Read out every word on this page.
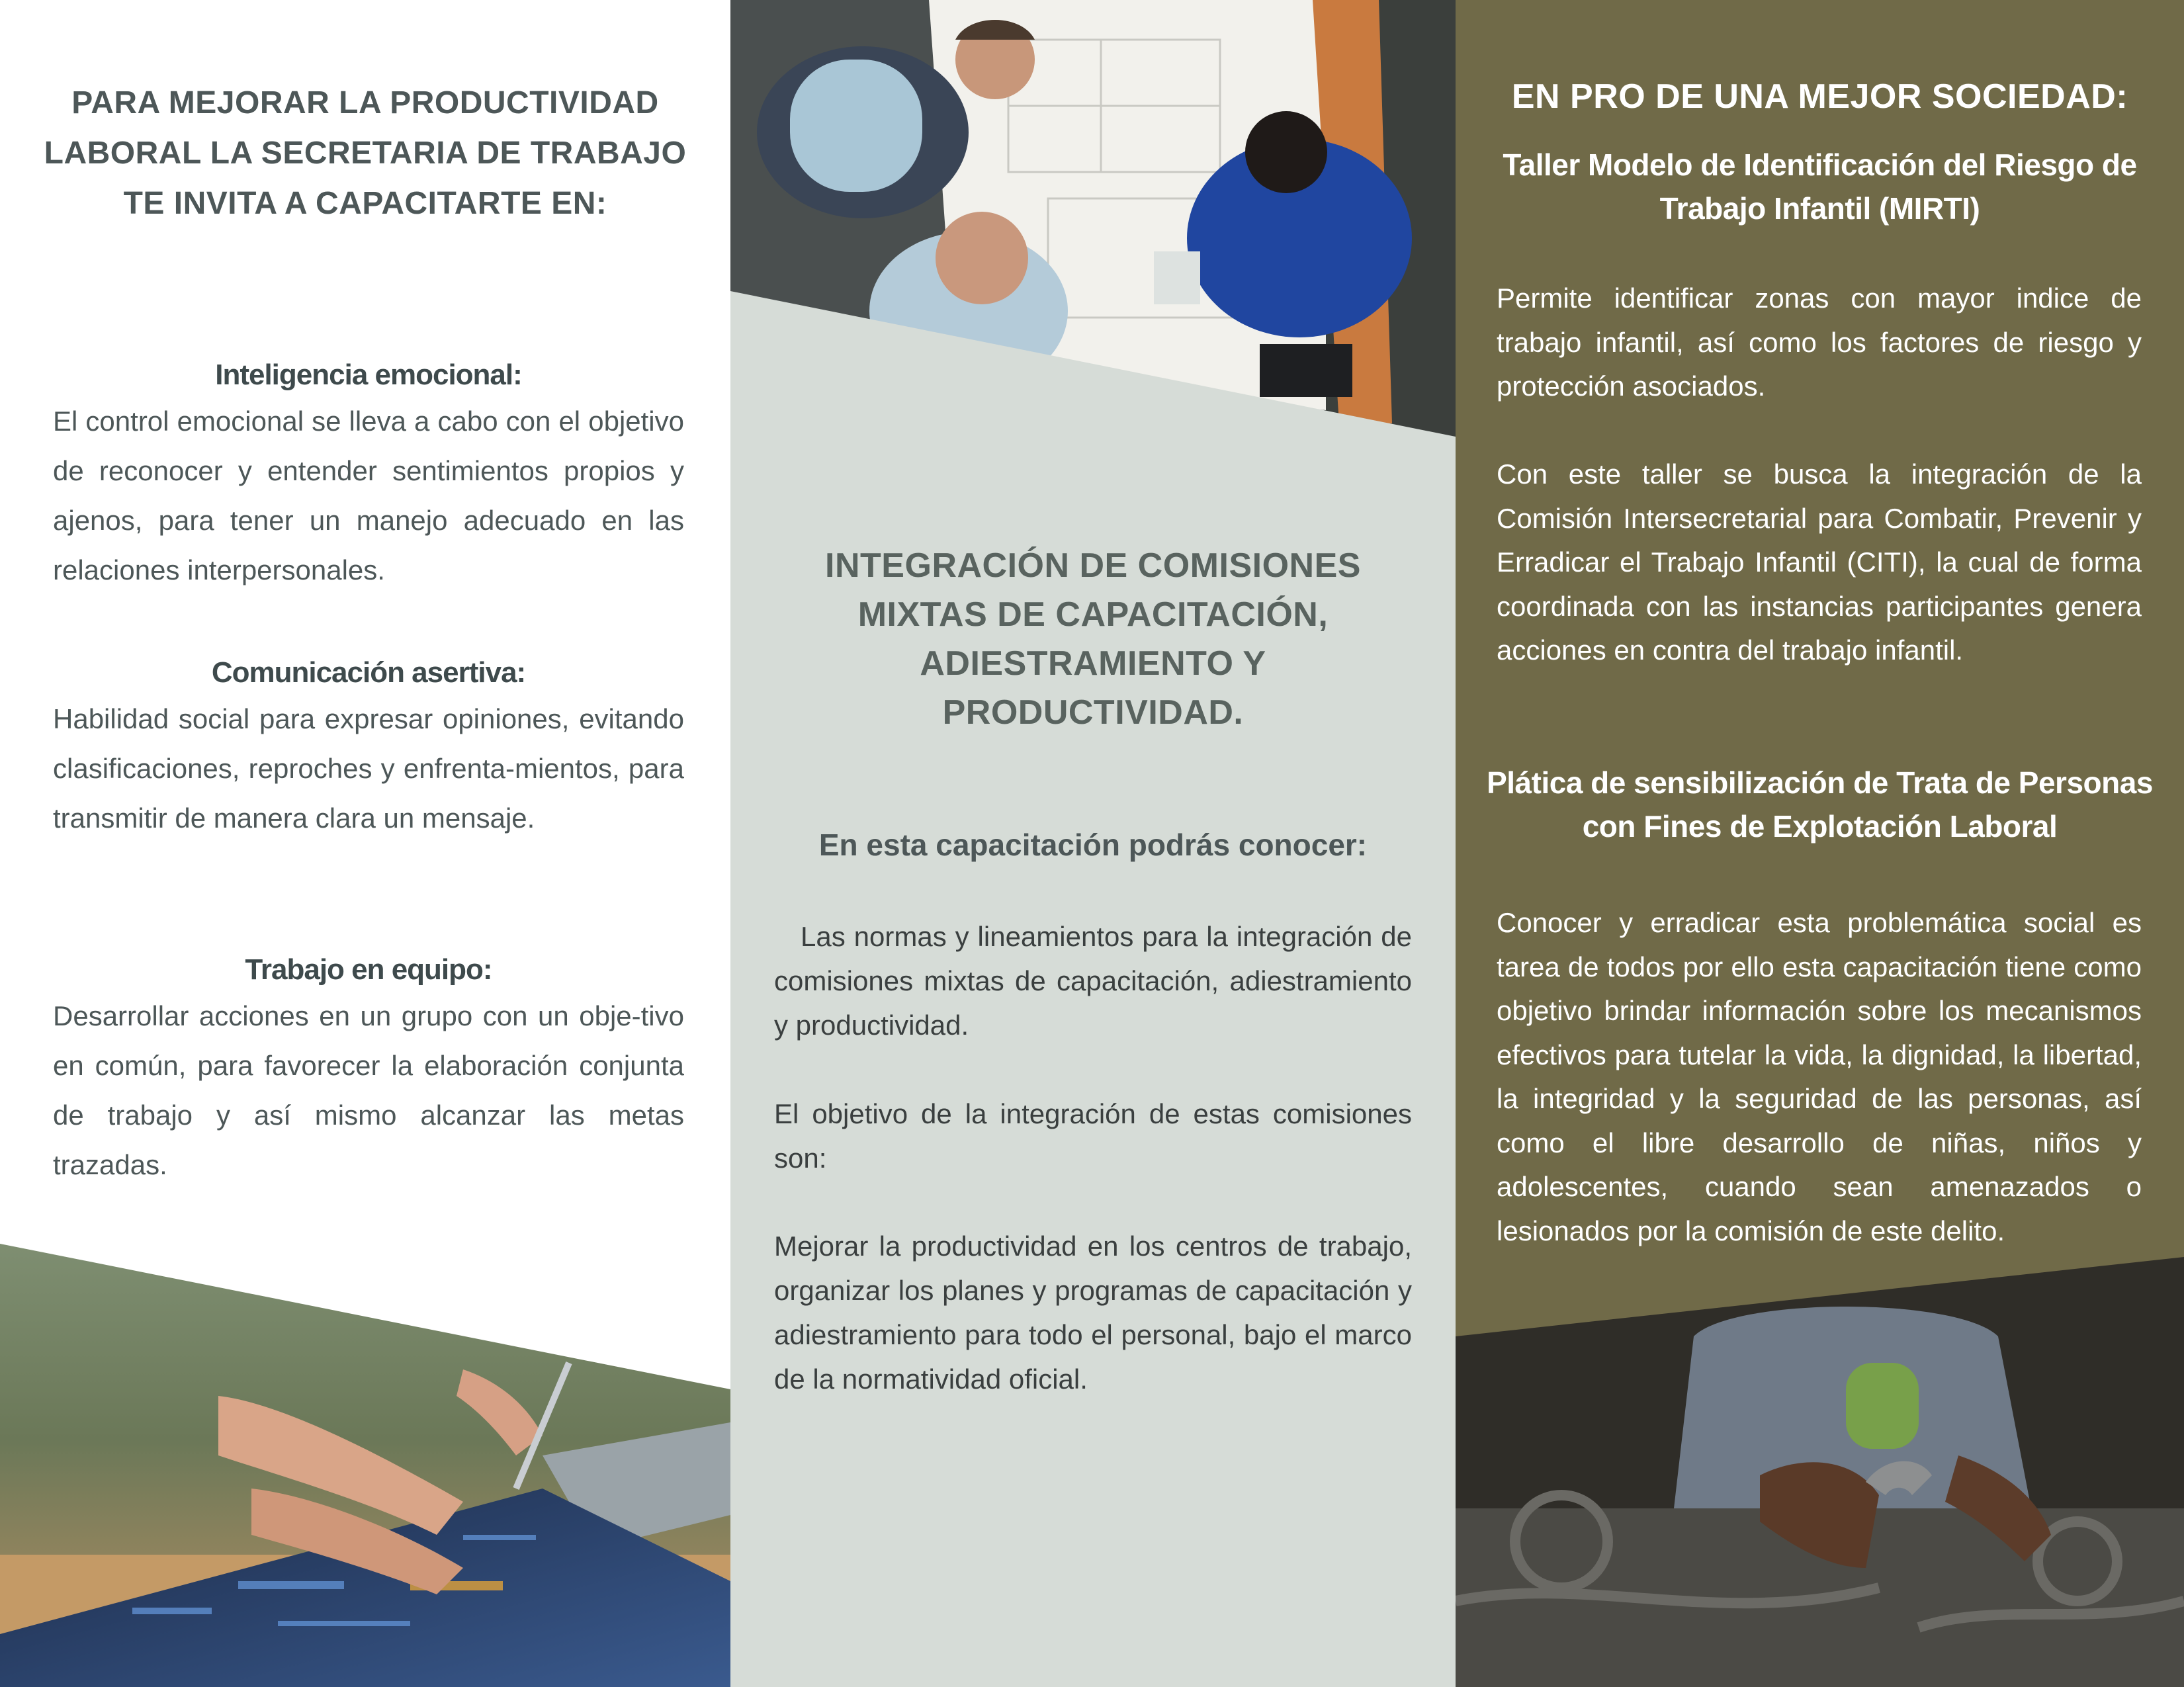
PARA MEJORAR LA PRODUCTIVIDAD LABORAL LA SECRETARIA DE TRABAJO TE INVITA A CAPACITARTE EN:

Inteligencia emocional:

El control emocional se lleva a cabo con el objetivo de reconocer y entender sentimientos propios y ajenos, para tener un manejo adecuado en las relaciones interpersonales.

Comunicación asertiva:

Habilidad social para expresar opiniones, evitando clasificaciones, reproches y enfrenta-mientos, para transmitir de manera clara un mensaje.

Trabajo en equipo:

Desarrollar acciones en un grupo con un obje-tivo en común, para favorecer la elaboración conjunta de trabajo y así mismo alcanzar las metas trazadas.

INTEGRACIÓN DE COMISIONES MIXTAS DE CAPACITACIÓN, ADIESTRAMIENTO Y PRODUCTIVIDAD.
En esta capacitación podrás conocer:

Las normas y lineamientos para la integración de comisiones mixtas de capacitación, adiestramiento y productividad.

El objetivo de la integración de estas comisiones son:

Mejorar la productividad en los centros de trabajo, organizar los planes y programas de capacitación y adiestramiento para todo el personal, bajo el marco de la normatividad oficial.

EN PRO DE UNA MEJOR SOCIEDAD:
Taller Modelo de Identificación del Riesgo de Trabajo Infantil (MIRTI)

Permite identificar zonas con mayor indice de trabajo infantil, así como los factores de riesgo y protección asociados.

Con este taller se busca la integración de la Comisión Intersecretarial para Combatir, Prevenir y Erradicar el Trabajo Infantil (CITI), la cual de forma coordinada con las instancias participantes genera acciones en contra del trabajo infantil.

Plática de sensibilización de Trata de Personas con Fines de Explotación Laboral

Conocer y erradicar esta problemática social es tarea de todos por ello esta capacitación tiene como objetivo brindar información sobre los mecanismos efectivos para tutelar la vida, la dignidad, la libertad, la integridad y la seguridad de las personas, así como el libre desarrollo de niñas, niños y adolescentes, cuando sean amenazados o lesionados por la comisión de este delito.
